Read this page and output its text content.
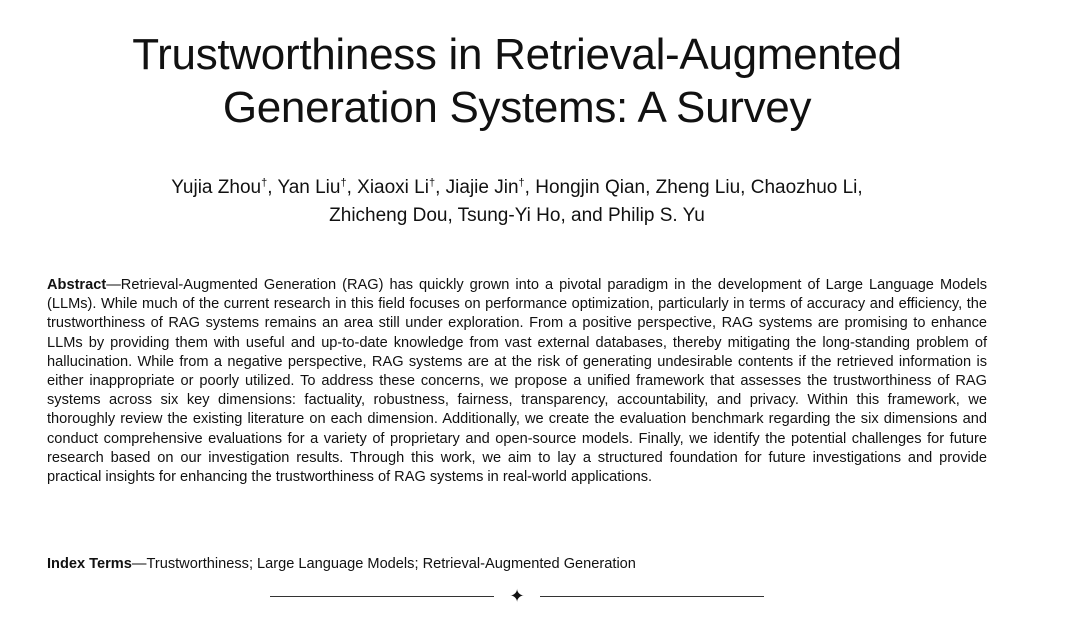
Trustworthiness in Retrieval-Augmented
Generation Systems: A Survey
Yujia Zhou†, Yan Liu†, Xiaoxi Li†, Jiajie Jin†, Hongjin Qian, Zheng Liu, Chaozhuo Li,
Zhicheng Dou, Tsung-Yi Ho, and Philip S. Yu

Abstract—Retrieval-Augmented Generation (RAG) has quickly grown into a pivotal paradigm in the development of Large Language Models (LLMs). While much of the current research in this field focuses on performance optimization, particularly in terms of accuracy and efficiency, the trustworthiness of RAG systems remains an area still under exploration. From a positive perspective, RAG systems are promising to enhance LLMs by providing them with useful and up-to-date knowledge from vast external databases, thereby mitigating the long-standing problem of hallucination. While from a negative perspective, RAG systems are at the risk of generating undesirable contents if the retrieved information is either inappropriate or poorly utilized. To address these concerns, we propose a unified framework that assesses the trustworthiness of RAG systems across six key dimensions: factuality, robustness, fairness, transparency, accountability, and privacy. Within this framework, we thoroughly review the existing literature on each dimension. Additionally, we create the evaluation benchmark regarding the six dimensions and conduct comprehensive evaluations for a variety of proprietary and open-source models. Finally, we identify the potential challenges for future research based on our investigation results. Through this work, we aim to lay a structured foundation for future investigations and provide practical insights for enhancing the trustworthiness of RAG systems in real-world applications.

Index Terms—Trustworthiness; Large Language Models; Retrieval-Augmented Generation
✦
